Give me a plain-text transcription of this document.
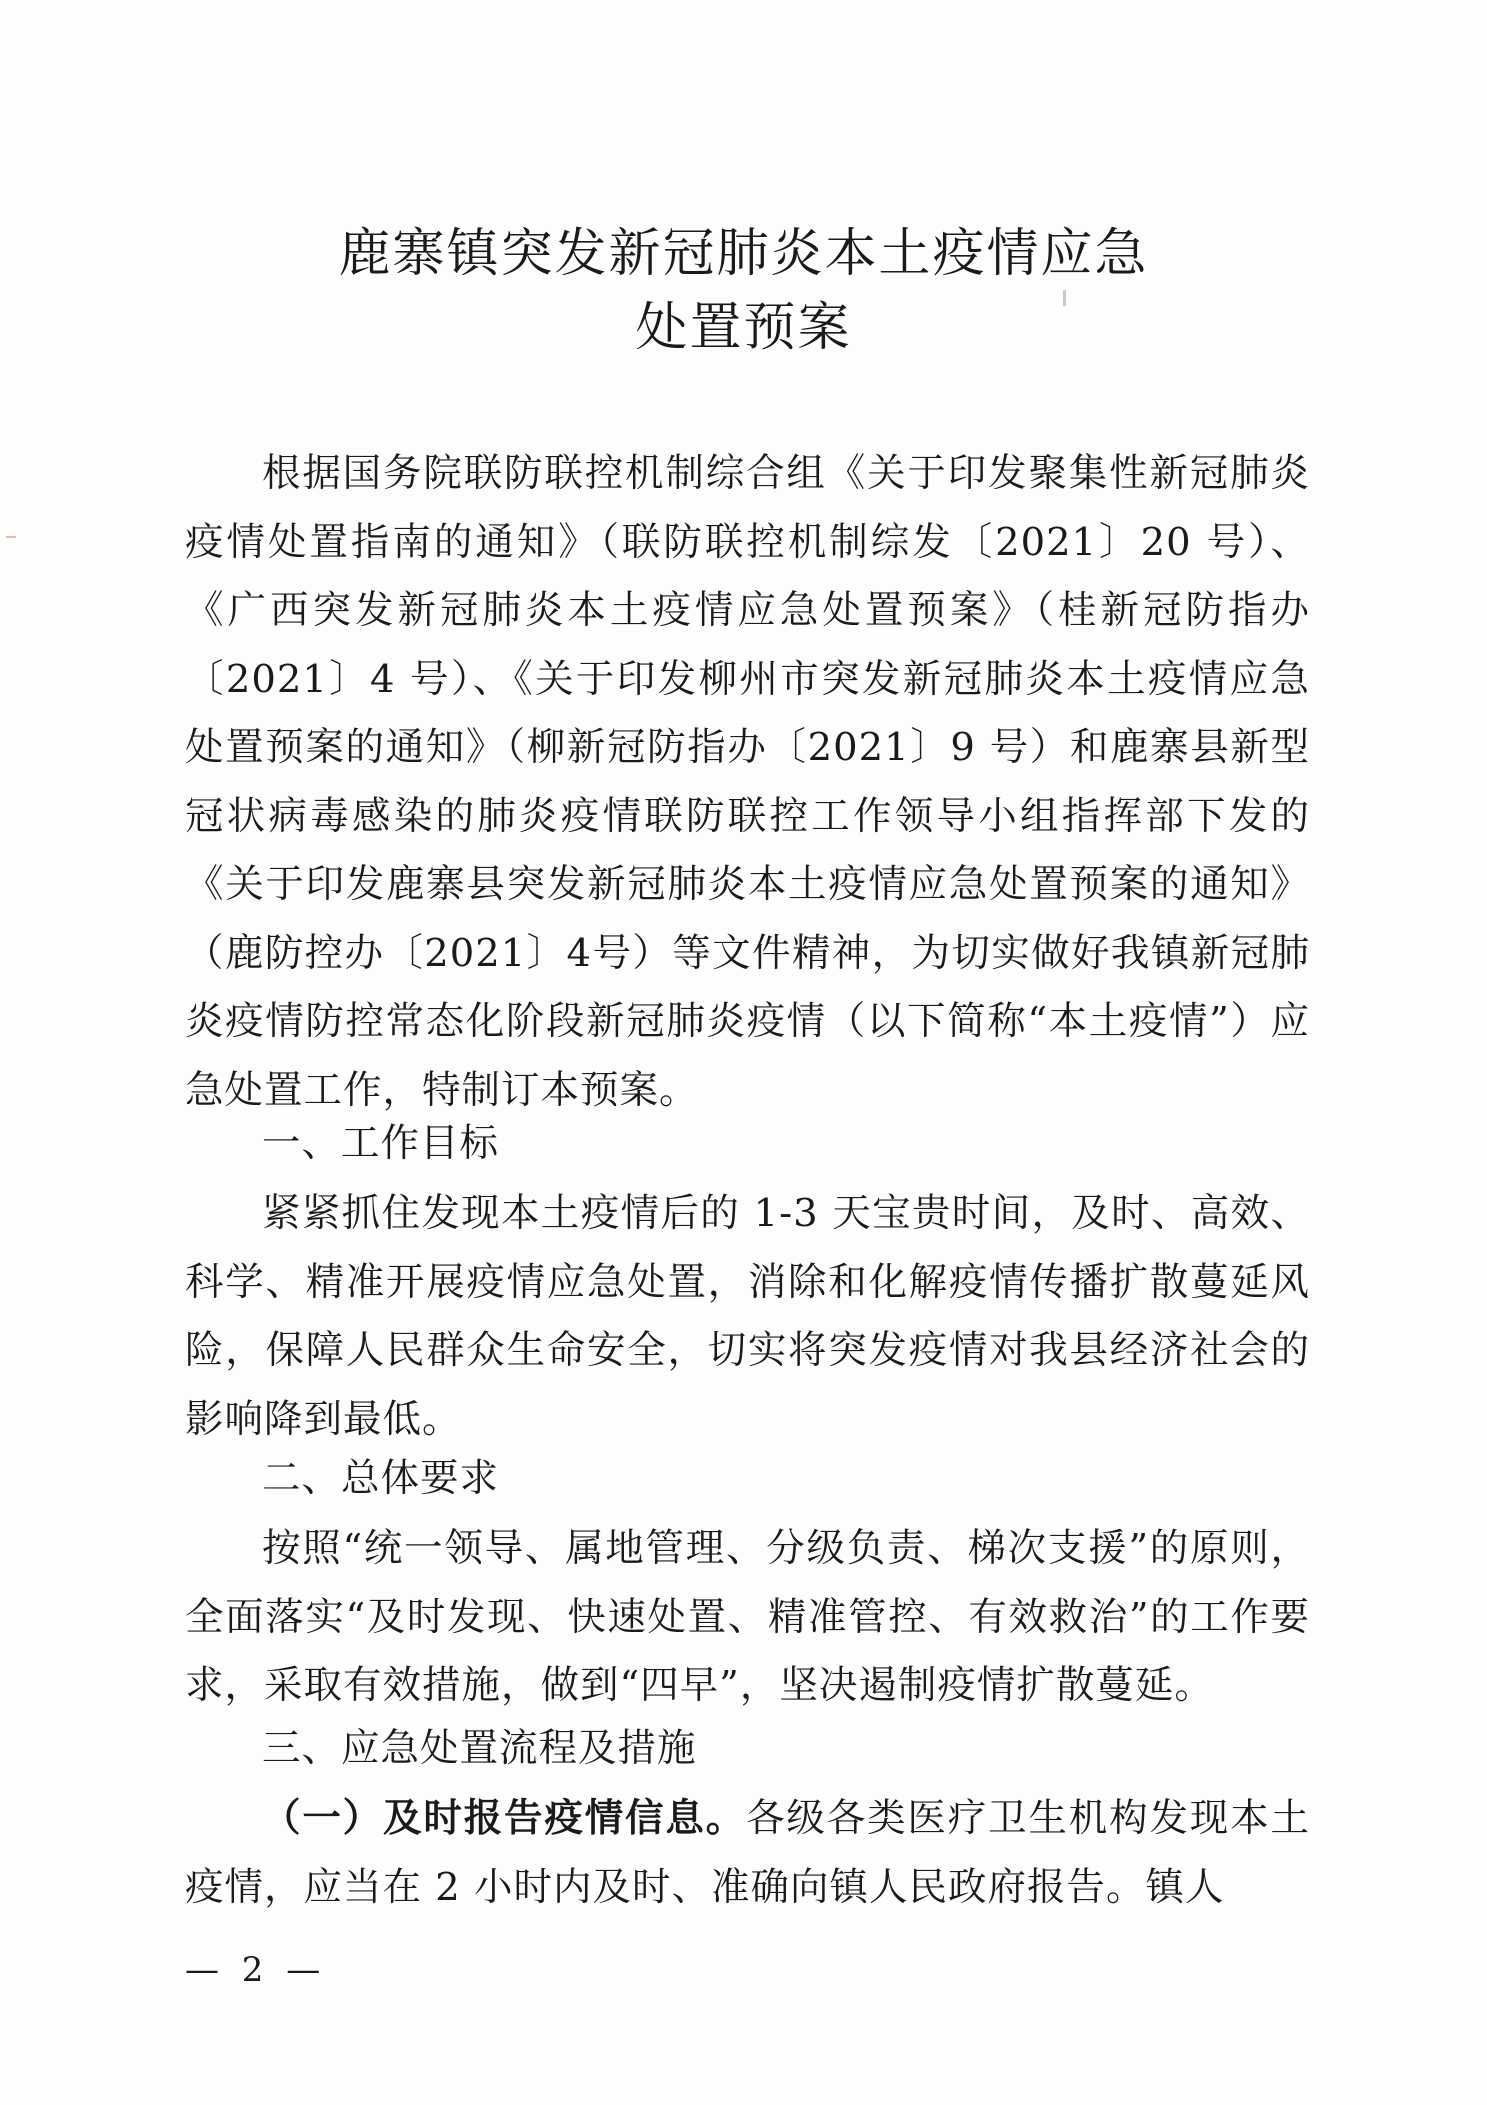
鹿寨镇突发新冠肺炎本土疫情应急
处置预案
根据国务院联防联控机制综合组《关于印发聚集性新冠肺炎疫情处置指南的通知》（联防联控机制综发〔2021〕20 号）、《广西突发新冠肺炎本土疫情应急处置预案》（桂新冠防指办〔2021〕4 号）、《关于印发柳州市突发新冠肺炎本土疫情应急处置预案的通知》（柳新冠防指办〔2021〕9 号）和鹿寨县新型冠状病毒感染的肺炎疫情联防联控工作领导小组指挥部下发的《关于印发鹿寨县突发新冠肺炎本土疫情应急处置预案的通知》（鹿防控办〔2021〕4号）等文件精神，为切实做好我镇新冠肺炎疫情防控常态化阶段新冠肺炎疫情（以下简称“本土疫情”）应急处置工作，特制订本预案。
一、工作目标
紧紧抓住发现本土疫情后的 1-3 天宝贵时间，及时、高效、科学、精准开展疫情应急处置，消除和化解疫情传播扩散蔓延风险，保障人民群众生命安全，切实将突发疫情对我县经济社会的影响降到最低。
二、总体要求
按照“统一领导、属地管理、分级负责、梯次支援”的原则，全面落实“及时发现、快速处置、精准管控、有效救治”的工作要求，采取有效措施，做到“四早”，坚决遏制疫情扩散蔓延。
三、应急处置流程及措施
（一）及时报告疫情信息。各级各类医疗卫生机构发现本土疫情，应当在 2 小时内及时、准确向镇人民政府报告。镇人
— 2 —
